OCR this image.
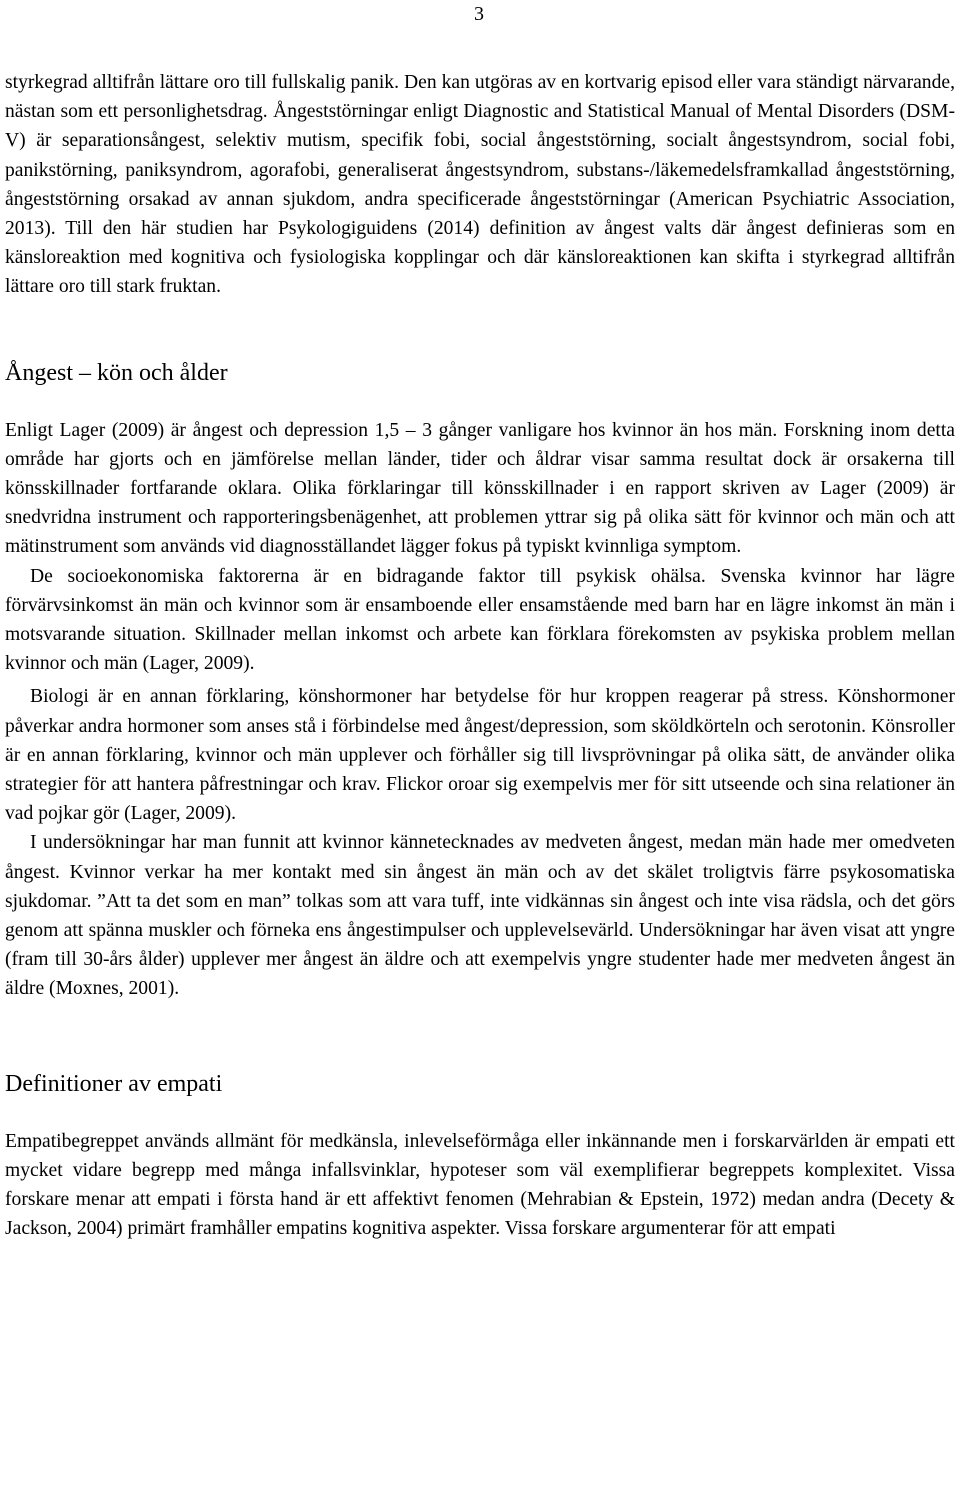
3

styrkegrad alltifrån lättare oro till fullskalig panik. Den kan utgöras av en kortvarig episod eller vara ständigt närvarande, nästan som ett personlighetsdrag. Ångeststörningar enligt Diagnostic and Statistical Manual of Mental Disorders (DSM-V) är separationsångest, selektiv mutism, specifik fobi, social ångeststörning, socialt ångestsyndrom, social fobi, panikstörning, paniksyndrom, agorafobi, generaliserat ångestsyndrom, substans-/läkemedelsframkallad ångeststörning, ångeststörning orsakad av annan sjukdom, andra specificerade ångeststörningar (American Psychiatric Association, 2013). Till den här studien har Psykologiguidens (2014) definition av ångest valts där ångest definieras som en känsloreaktion med kognitiva och fysiologiska kopplingar och där känsloreaktionen kan skifta i styrkegrad alltifrån lättare oro till stark fruktan.

Ångest – kön och ålder

Enligt Lager (2009) är ångest och depression 1,5 – 3 gånger vanligare hos kvinnor än hos män. Forskning inom detta område har gjorts och en jämförelse mellan länder, tider och åldrar visar samma resultat dock är orsakerna till könsskillnader fortfarande oklara. Olika förklaringar till könsskillnader i en rapport skriven av Lager (2009) är snedvridna instrument och rapporteringsbenägenhet, att problemen yttrar sig på olika sätt för kvinnor och män och att mätinstrument som används vid diagnosställandet lägger fokus på typiskt kvinnliga symptom.

De socioekonomiska faktorerna är en bidragande faktor till psykisk ohälsa. Svenska kvinnor har lägre förvärvsinkomst än män och kvinnor som är ensamboende eller ensamstående med barn har en lägre inkomst än män i motsvarande situation. Skillnader mellan inkomst och arbete kan förklara förekomsten av psykiska problem mellan kvinnor och män (Lager, 2009).

Biologi är en annan förklaring, könshormoner har betydelse för hur kroppen reagerar på stress. Könshormoner påverkar andra hormoner som anses stå i förbindelse med ångest/depression, som sköldkörteln och serotonin. Könsroller är en annan förklaring, kvinnor och män upplever och förhåller sig till livsprövningar på olika sätt, de använder olika strategier för att hantera påfrestningar och krav. Flickor oroar sig exempelvis mer för sitt utseende och sina relationer än vad pojkar gör (Lager, 2009).

I undersökningar har man funnit att kvinnor kännetecknades av medveten ångest, medan män hade mer omedveten ångest. Kvinnor verkar ha mer kontakt med sin ångest än män och av det skälet troligtvis färre psykosomatiska sjukdomar. ”Att ta det som en man” tolkas som att vara tuff, inte vidkännas sin ångest och inte visa rädsla, och det görs genom att spänna muskler och förneka ens ångestimpulser och upplevelsevärld. Undersökningar har även visat att yngre (fram till 30-års ålder) upplever mer ångest än äldre och att exempelvis yngre studenter hade mer medveten ångest än äldre (Moxnes, 2001).

Definitioner av empati

Empatibegreppet används allmänt för medkänsla, inlevelseförmåga eller inkännande men i forskarvärlden är empati ett mycket vidare begrepp med många infallsvinklar, hypoteser som väl exemplifierar begreppets komplexitet. Vissa forskare menar att empati i första hand är ett affektivt fenomen (Mehrabian & Epstein, 1972) medan andra (Decety & Jackson, 2004) primärt framhåller empatins kognitiva aspekter. Vissa forskare argumenterar för att empati
